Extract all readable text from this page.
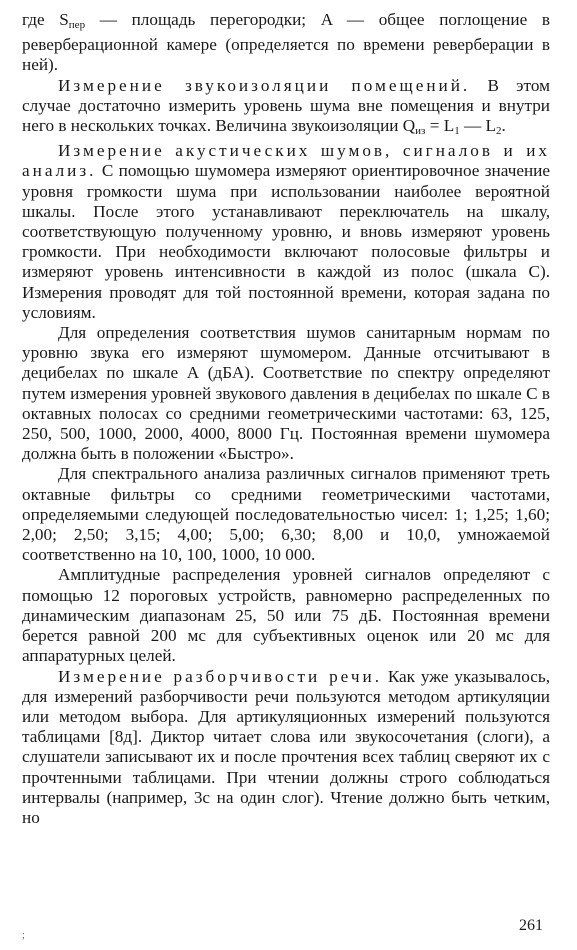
где $S_{пер}$ — площадь перегородки; A — общее поглощение в реверберационной камере (определяется по времени реверберации в ней).

Измерение звукоизоляции помещений. В этом случае достаточно измерить уровень шума вне помещения и внутри него в нескольких точках. Величина звукоизоляции $Q_{из} = L_1$ — $L_2$.

Измерение акустических шумов, сигналов и их анализ. С помощью шумомера измеряют ориентировочное значение уровня громкости шума при использовании наиболее вероятной шкалы. После этого устанавливают переключатель на шкалу, соответствующую полученному уровню, и вновь измеряют уровень громкости. При необходимости включают полосовые фильтры и измеряют уровень интенсивности в каждой из полос (шкала С). Измерения проводят для той постоянной времени, которая задана по условиям.

Для определения соответствия шумов санитарным нормам по уровню звука его измеряют шумомером. Данные отсчитывают в децибелах по шкале А (дБА). Соответствие по спектру определяют путем измерения уровней звукового давления в децибелах по шкале С в октавных полосах со средними геометрическими частотами: 63, 125, 250, 500, 1000, 2000, 4000, 8000 Гц. Постоянная времени шумомера должна быть в положении «Быстро».

Для спектрального анализа различных сигналов применяют треть октавные фильтры со средними геометрическими частотами, определяемыми следующей последовательностью чисел: 1; 1,25; 1,60; 2,00; 2,50; 3,15; 4,00; 5,00; 6,30; 8,00 и 10,0, умножаемой соответственно на 10, 100, 1000, 10 000.

Амплитудные распределения уровней сигналов определяют с помощью 12 пороговых устройств, равномерно распределенных по динамическим диапазонам 25, 50 или 75 дБ. Постоянная времени берется равной 200 мс для субъективных оценок или 20 мс для аппаратурных целей.

Измерение разборчивости речи. Как уже указывалось, для измерений разборчивости речи пользуются методом артикуляции или методом выбора. Для артикуляционных измерений пользуются таблицами [8д]. Диктор читает слова или звукосочетания (слоги), а слушатели записывают их и после прочтения всех таблиц сверяют их с прочтенными таблицами. При чтении должны строго соблюдаться интервалы (например, 3с на один слог). Чтение должно быть четким, но

261
;
